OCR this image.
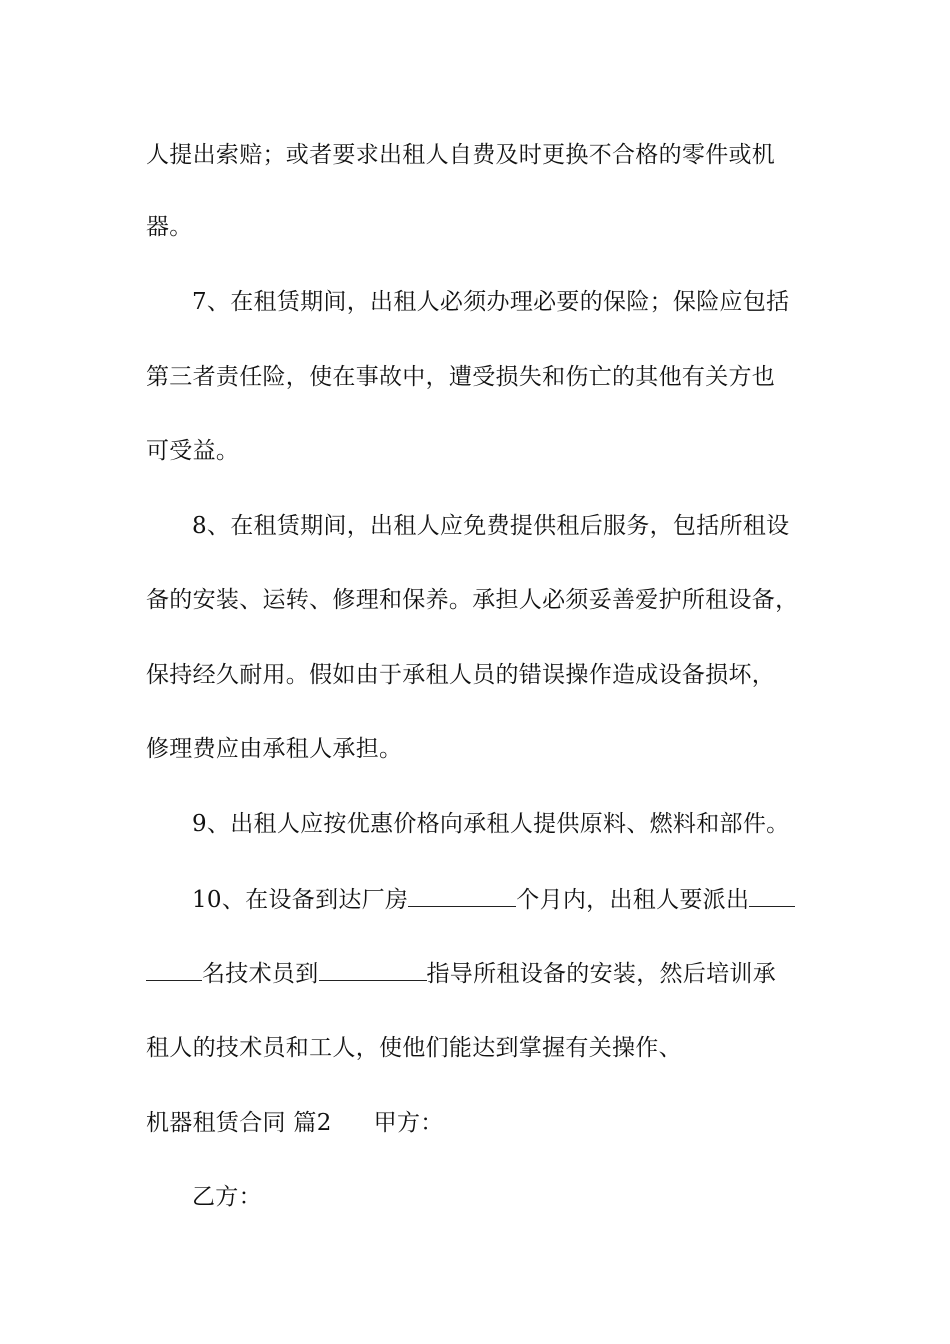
人提出索赔；或者要求出租人自费及时更换不合格的零件或机
器。
7、在租赁期间，出租人必须办理必要的保险；保险应包括
第三者责任险，使在事故中，遭受损失和伤亡的其他有关方也
可受益。
8、在租赁期间，出租人应免费提供租后服务，包括所租设
备的安装、运转、修理和保养。承担人必须妥善爱护所租设备，
保持经久耐用。假如由于承租人员的错误操作造成设备损坏，
修理费应由承租人承担。
9、出租人应按优惠价格向承租人提供原料、燃料和部件。
10、在设备到达厂房	个月内，出租人要派出
名技术员到	指导所租设备的安装，然后培训承
租人的技术员和工人，使他们能达到掌握有关操作、
机器租赁合同 篇2 甲方：
乙方：
